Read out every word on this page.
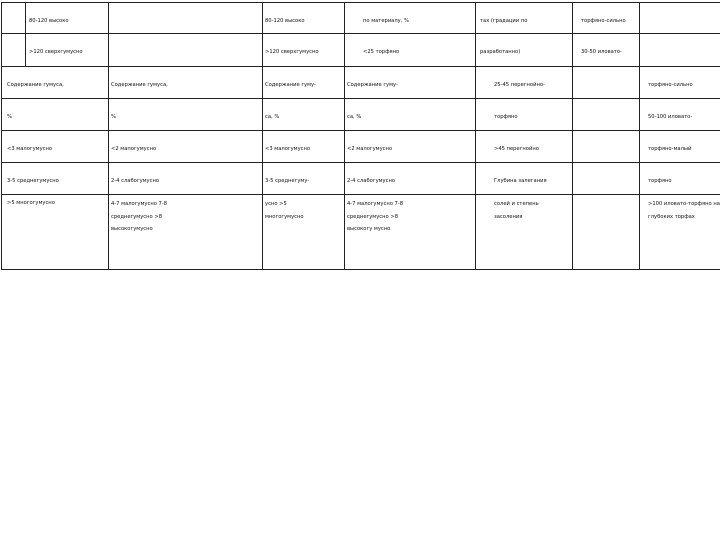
	80-120 высоко		80-120 высоко	по материалу, %	тах (градации по	торфяно-сильно	

	>120 сверхгумусно		>120 сверхгумусно	<25 торфяно	разработанно)	30-50 иловато-	

Содержание гумуса,		Содержание гумуса,	Содержание гуму-	Содержание гуму-	25-45 перегнойно-		торфяно-сильно

%		%	са, %	са, %	торфяно		50-100 иловато-

<3 малогумусно		<2 мапогумусно	<3 малогумусно	<2 малогумусно	>45 перегнойно		торфяно-малый

3-5 среднегумусно		2-4 слабогумусно	3-5 среднегуму-	2-4 слабогумусно	Глубина залегания		торфяно

>5 многогумусно		4-7 малогумусно 7-8 среднегумусно >8 высокогумусно	усно >5 многогумусно	4-7 малогумусно 7-8 среднегумусно >8 высокогу мусно	солей и степень засоления		>100 иловато-торфяно на глубоких торфах
